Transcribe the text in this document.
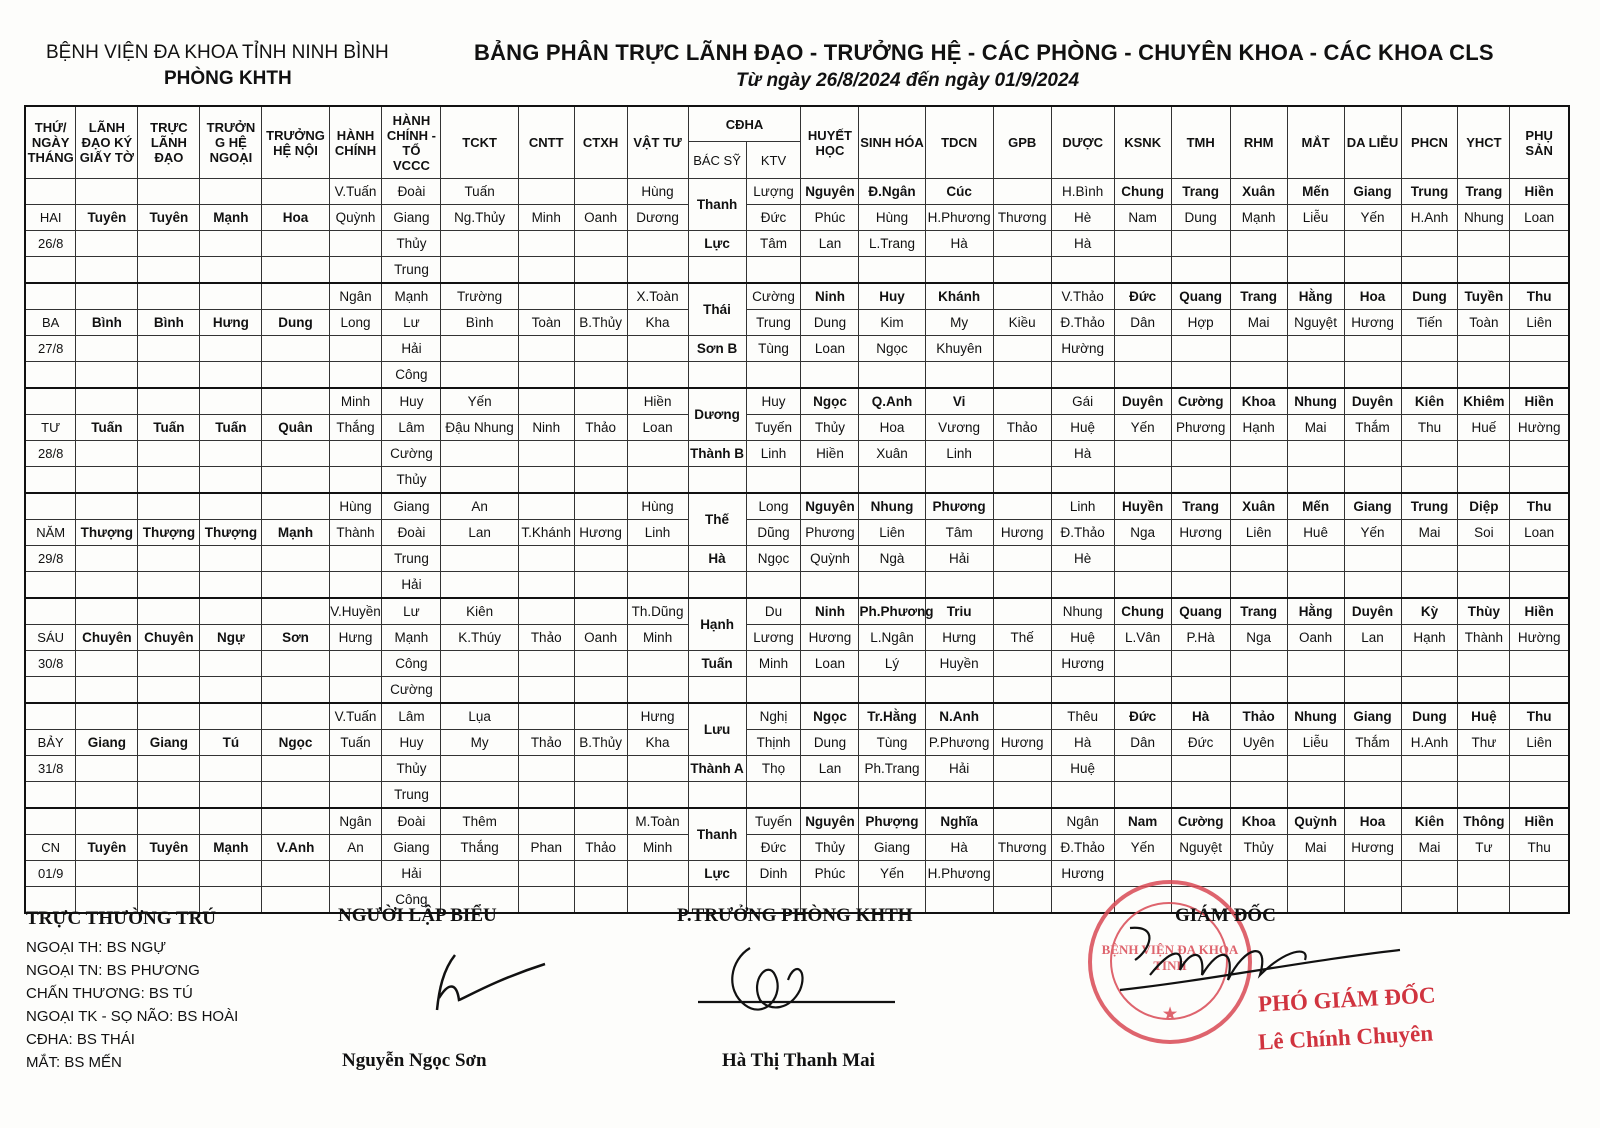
BỆNH VIỆN ĐA KHOA TỈNH NINH BÌNH
PHÒNG KHTH
BẢNG PHÂN TRỰC LÃNH ĐẠO - TRƯỞNG HỆ - CÁC PHÒNG - CHUYÊN KHOA - CÁC KHOA CLS
Từ ngày 26/8/2024 đến ngày 01/9/2024
THỨ/ NGÀY THÁNG	LÃNH ĐẠO KÝ GIẤY TỜ	TRỰC LÃNH ĐẠO	TRƯỞN G HỆ NGOẠI	TRƯỞNG HỆ NỘI	HÀNH CHÍNH	HÀNH CHÍNH - TỔ VCCC	TCKT	CNTT	CTXH	VẬT TƯ	CĐHA		HUYẾT HỌC	SINH HÓA	TDCN	GPB	DƯỢC	KSNK	TMH	RHM	MẮT	DA LIỄU	PHCN	YHCT	PHỤ SẢN
											BÁC SỸ	KTV													
					V.Tuấn	Đoài	Tuấn			Hùng	Thanh	Lượng	Nguyên	Đ.Ngân	Cúc		H.Bình	Chung	Trang	Xuân	Mến	Giang	Trung	Trang	Hiền
HAI	Tuyên	Tuyên	Mạnh	Hoa	Quỳnh	Giang	Ng.Thủy	Minh	Oanh	Dương		Đức	Phúc	Hùng	H.Phương	Thương	Hè	Nam	Dung	Mạnh	Liễu	Yến	H.Anh	Nhung	Loan
26/8						Thủy					Lực	Tâm	Lan	L.Trang	Hà		Hà								
						Trung																			
					Ngân	Mạnh	Trường			X.Toàn	Thái	Cường	Ninh	Huy	Khánh		V.Thảo	Đức	Quang	Trang	Hằng	Hoa	Dung	Tuyền	Thu
BA	Bình	Bình	Hưng	Dung	Long	Lư	Bình	Toàn	B.Thủy	Kha		Trung	Dung	Kim	My	Kiều	Đ.Thảo	Dân	Hợp	Mai	Nguyệt	Hương	Tiến	Toàn	Liên
27/8						Hải					Sơn B	Tùng	Loan	Ngọc	Khuyên		Hường								
						Công																			
					Minh	Huy	Yến			Hiền	Dương	Huy	Ngọc	Q.Anh	Vi		Gái	Duyên	Cường	Khoa	Nhung	Duyên	Kiên	Khiêm	Hiền
TƯ	Tuấn	Tuấn	Tuấn	Quân	Thắng	Lâm	Đậu Nhung	Ninh	Thảo	Loan		Tuyến	Thủy	Hoa	Vương	Thảo	Huệ	Yến	Phương	Hạnh	Mai	Thắm	Thu	Huế	Hường
28/8						Cường					Thành B	Linh	Hiền	Xuân	Linh		Hà								
						Thủy																			
					Hùng	Giang	An			Hùng	Thế	Long	Nguyên	Nhung	Phương		Linh	Huyền	Trang	Xuân	Mến	Giang	Trung	Diệp	Thu
NĂM	Thượng	Thượng	Thượng	Mạnh	Thành	Đoài	Lan	T.Khánh	Hương	Linh		Dũng	Phương	Liên	Tâm	Hương	Đ.Thảo	Nga	Hương	Liên	Huê	Yến	Mai	Soi	Loan
29/8						Trung					Hà	Ngọc	Quỳnh	Ngà	Hải		Hè								
						Hải																			
					V.Huyền	Lư	Kiên			Th.Dũng	Hạnh	Du	Ninh	Ph.Phương	Triu		Nhung	Chung	Quang	Trang	Hằng	Duyên	Kỳ	Thùy	Hiền
SÁU	Chuyên	Chuyên	Ngự	Sơn	Hưng	Mạnh	K.Thúy	Thảo	Oanh	Minh		Lương	Hương	L.Ngân	Hưng	Thế	Huệ	L.Vân	P.Hà	Nga	Oanh	Lan	Hạnh	Thành	Hường
30/8						Công					Tuấn	Minh	Loan	Lý	Huyền		Hương								
						Cường																			
					V.Tuấn	Lâm	Lụa			Hưng	Lưu	Nghị	Ngọc	Tr.Hằng	N.Anh		Thêu	Đức	Hà	Thảo	Nhung	Giang	Dung	Huệ	Thu
BẢY	Giang	Giang	Tú	Ngọc	Tuấn	Huy	My	Thảo	B.Thủy	Kha		Thịnh	Dung	Tùng	P.Phương	Hương	Hà	Dân	Đức	Uyên	Liễu	Thắm	H.Anh	Thư	Liên
31/8						Thủy					Thành A	Thọ	Lan	Ph.Trang	Hải		Huệ								
						Trung																			
					Ngân	Đoài	Thêm			M.Toàn	Thanh	Tuyến	Nguyên	Phượng	Nghĩa		Ngân	Nam	Cường	Khoa	Quỳnh	Hoa	Kiên	Thông	Hiền
CN	Tuyên	Tuyên	Mạnh	V.Anh	An	Giang	Thắng	Phan	Thảo	Minh		Đức	Thủy	Giang	Hà	Thương	Đ.Thảo	Yến	Nguyệt	Thủy	Mai	Hương	Mai	Tư	Thu
01/9						Hải					Lực	Dinh	Phúc	Yến	H.Phương		Hương								
						Công																			
TRỰC THƯỜNG TRÚ
NGOẠI TH: BS NGỰ
NGOẠI TN: BS PHƯƠNG
CHẤN THƯƠNG: BS TÚ
NGOẠI TK - SỌ NÃO: BS HOÀI
CĐHA: BS THÁI
MẮT: BS MẾN
NGƯỜI LẬP BIỂU
Nguyễn Ngọc Sơn
P.TRƯỞNG PHÒNG KHTH
Hà Thị Thanh Mai
BỆNH VIỆN ĐA KHOA TỈNH
★
GIÁM ĐỐC
PHÓ GIÁM ĐỐC
Lê Chính Chuyên
